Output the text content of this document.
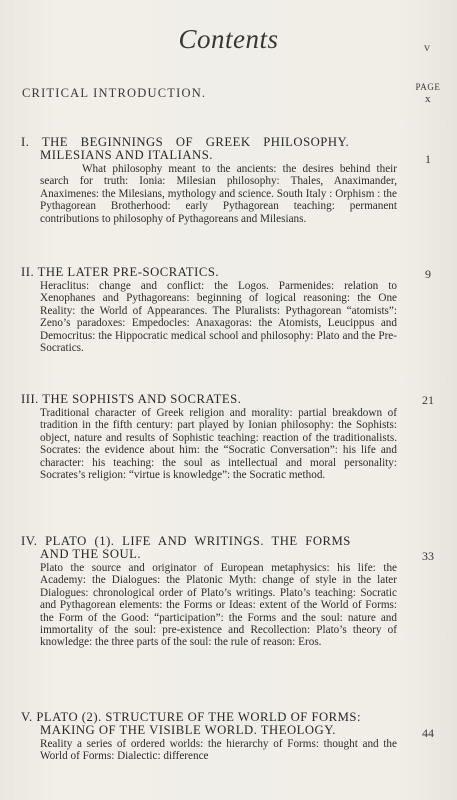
Contents	v
CRITICAL INTRODUCTION.	PAGE
x
I. THE BEGINNINGS OF GREEK PHILOSOPHY.
MILESIANS AND ITALIANS.
What philosophy meant to the ancients: the desires behind their search for truth: Ionia: Milesian philosophy: Thales, Anaximander, Anaximenes: the Milesians, mythology and science. South Italy : Orphism : the Pythagorean Brotherhood: early Pythagorean teaching: permanent contributions to philosophy of Pythagoreans and Milesians.
1
II. THE LATER PRE-SOCRATICS.
Heraclitus: change and conflict: the Logos. Parmenides: relation to Xenophanes and Pythagoreans: beginning of logical reasoning: the One Reality: the World of Appearances. The Pluralists: Pythagorean “atomists”: Zeno’s paradoxes: Empedocles: Anaxagoras: the Atomists, Leucippus and Democritus: the Hippocratic medical school and philosophy: Plato and the Pre-Socratics.
9
III. THE SOPHISTS AND SOCRATES.
Traditional character of Greek religion and morality: partial breakdown of tradition in the fifth century: part played by Ionian philosophy: the Sophists: object, nature and results of Sophistic teaching: reaction of the traditionalists. Socrates: the evidence about him: the “Socratic Conversation”: his life and character: his teaching: the soul as intellectual and moral personality: Socrates’s religion: “virtue is knowledge”: the Socratic method.
21
IV. PLATO (1). LIFE AND WRITINGS. THE FORMS
AND THE SOUL.
Plato the source and originator of European metaphysics: his life: the Academy: the Dialogues: the Platonic Myth: change of style in the later Dialogues: chronological order of Plato’s writings. Plato’s teaching: Socratic and Pythagorean elements: the Forms or Ideas: extent of the World of Forms: the Form of the Good: “participation”: the Forms and the soul: nature and immortality of the soul: pre-existence and Recollection: Plato’s theory of knowledge: the three parts of the soul: the rule of reason: Eros.
33
V. PLATO (2). STRUCTURE OF THE WORLD OF FORMS:
MAKING OF THE VISIBLE WORLD. THEOLOGY.
Reality a series of ordered worlds: the hierarchy of Forms: thought and the World of Forms: Dialectic: difference
44
